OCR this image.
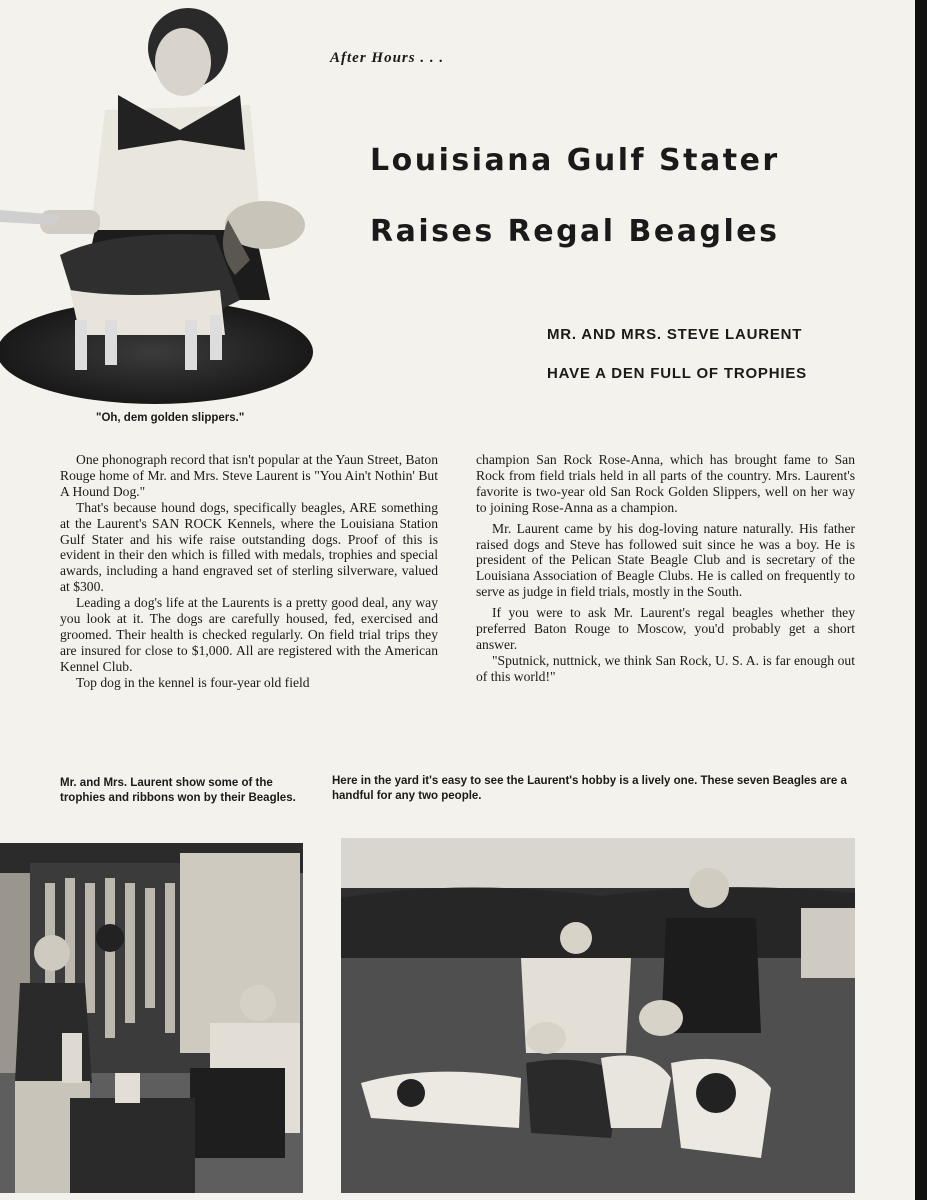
"Oh, dem golden slippers."
After Hours . . .
Louisiana Gulf Stater
Raises Regal Beagles
MR. AND MRS. STEVE LAURENT
HAVE A DEN FULL OF TROPHIES

One phonograph record that isn't popular at the Yaun Street, Baton Rouge home of Mr. and Mrs. Steve Laurent is "You Ain't Nothin' But A Hound Dog."

That's because hound dogs, specifically beagles, ARE something at the Laurent's SAN ROCK Kennels, where the Louisiana Station Gulf Stater and his wife raise outstanding dogs. Proof of this is evident in their den which is filled with medals, trophies and special awards, including a hand engraved set of sterling silverware, valued at $300.

Leading a dog's life at the Laurents is a pretty good deal, any way you look at it. The dogs are carefully housed, fed, exercised and groomed. Their health is checked regularly. On field trial trips they are insured for close to $1,000. All are registered with the American Kennel Club.

Top dog in the kennel is four-year old field

champion San Rock Rose-Anna, which has brought fame to San Rock from field trials held in all parts of the country. Mrs. Laurent's favorite is two-year old San Rock Golden Slippers, well on her way to joining Rose-Anna as a champion.

Mr. Laurent came by his dog-loving nature naturally. His father raised dogs and Steve has followed suit since he was a boy. He is president of the Pelican State Beagle Club and is secretary of the Louisiana Association of Beagle Clubs. He is called on frequently to serve as judge in field trials, mostly in the South.

If you were to ask Mr. Laurent's regal beagles whether they preferred Baton Rouge to Moscow, you'd probably get a short answer.

"Sputnick, nuttnick, we think San Rock, U. S. A. is far enough out of this world!"

Mr. and Mrs. Laurent show some of the trophies and ribbons won by their Beagles.
Here in the yard it's easy to see the Laurent's hobby is a lively one. These seven Beagles are a handful for any two people.
